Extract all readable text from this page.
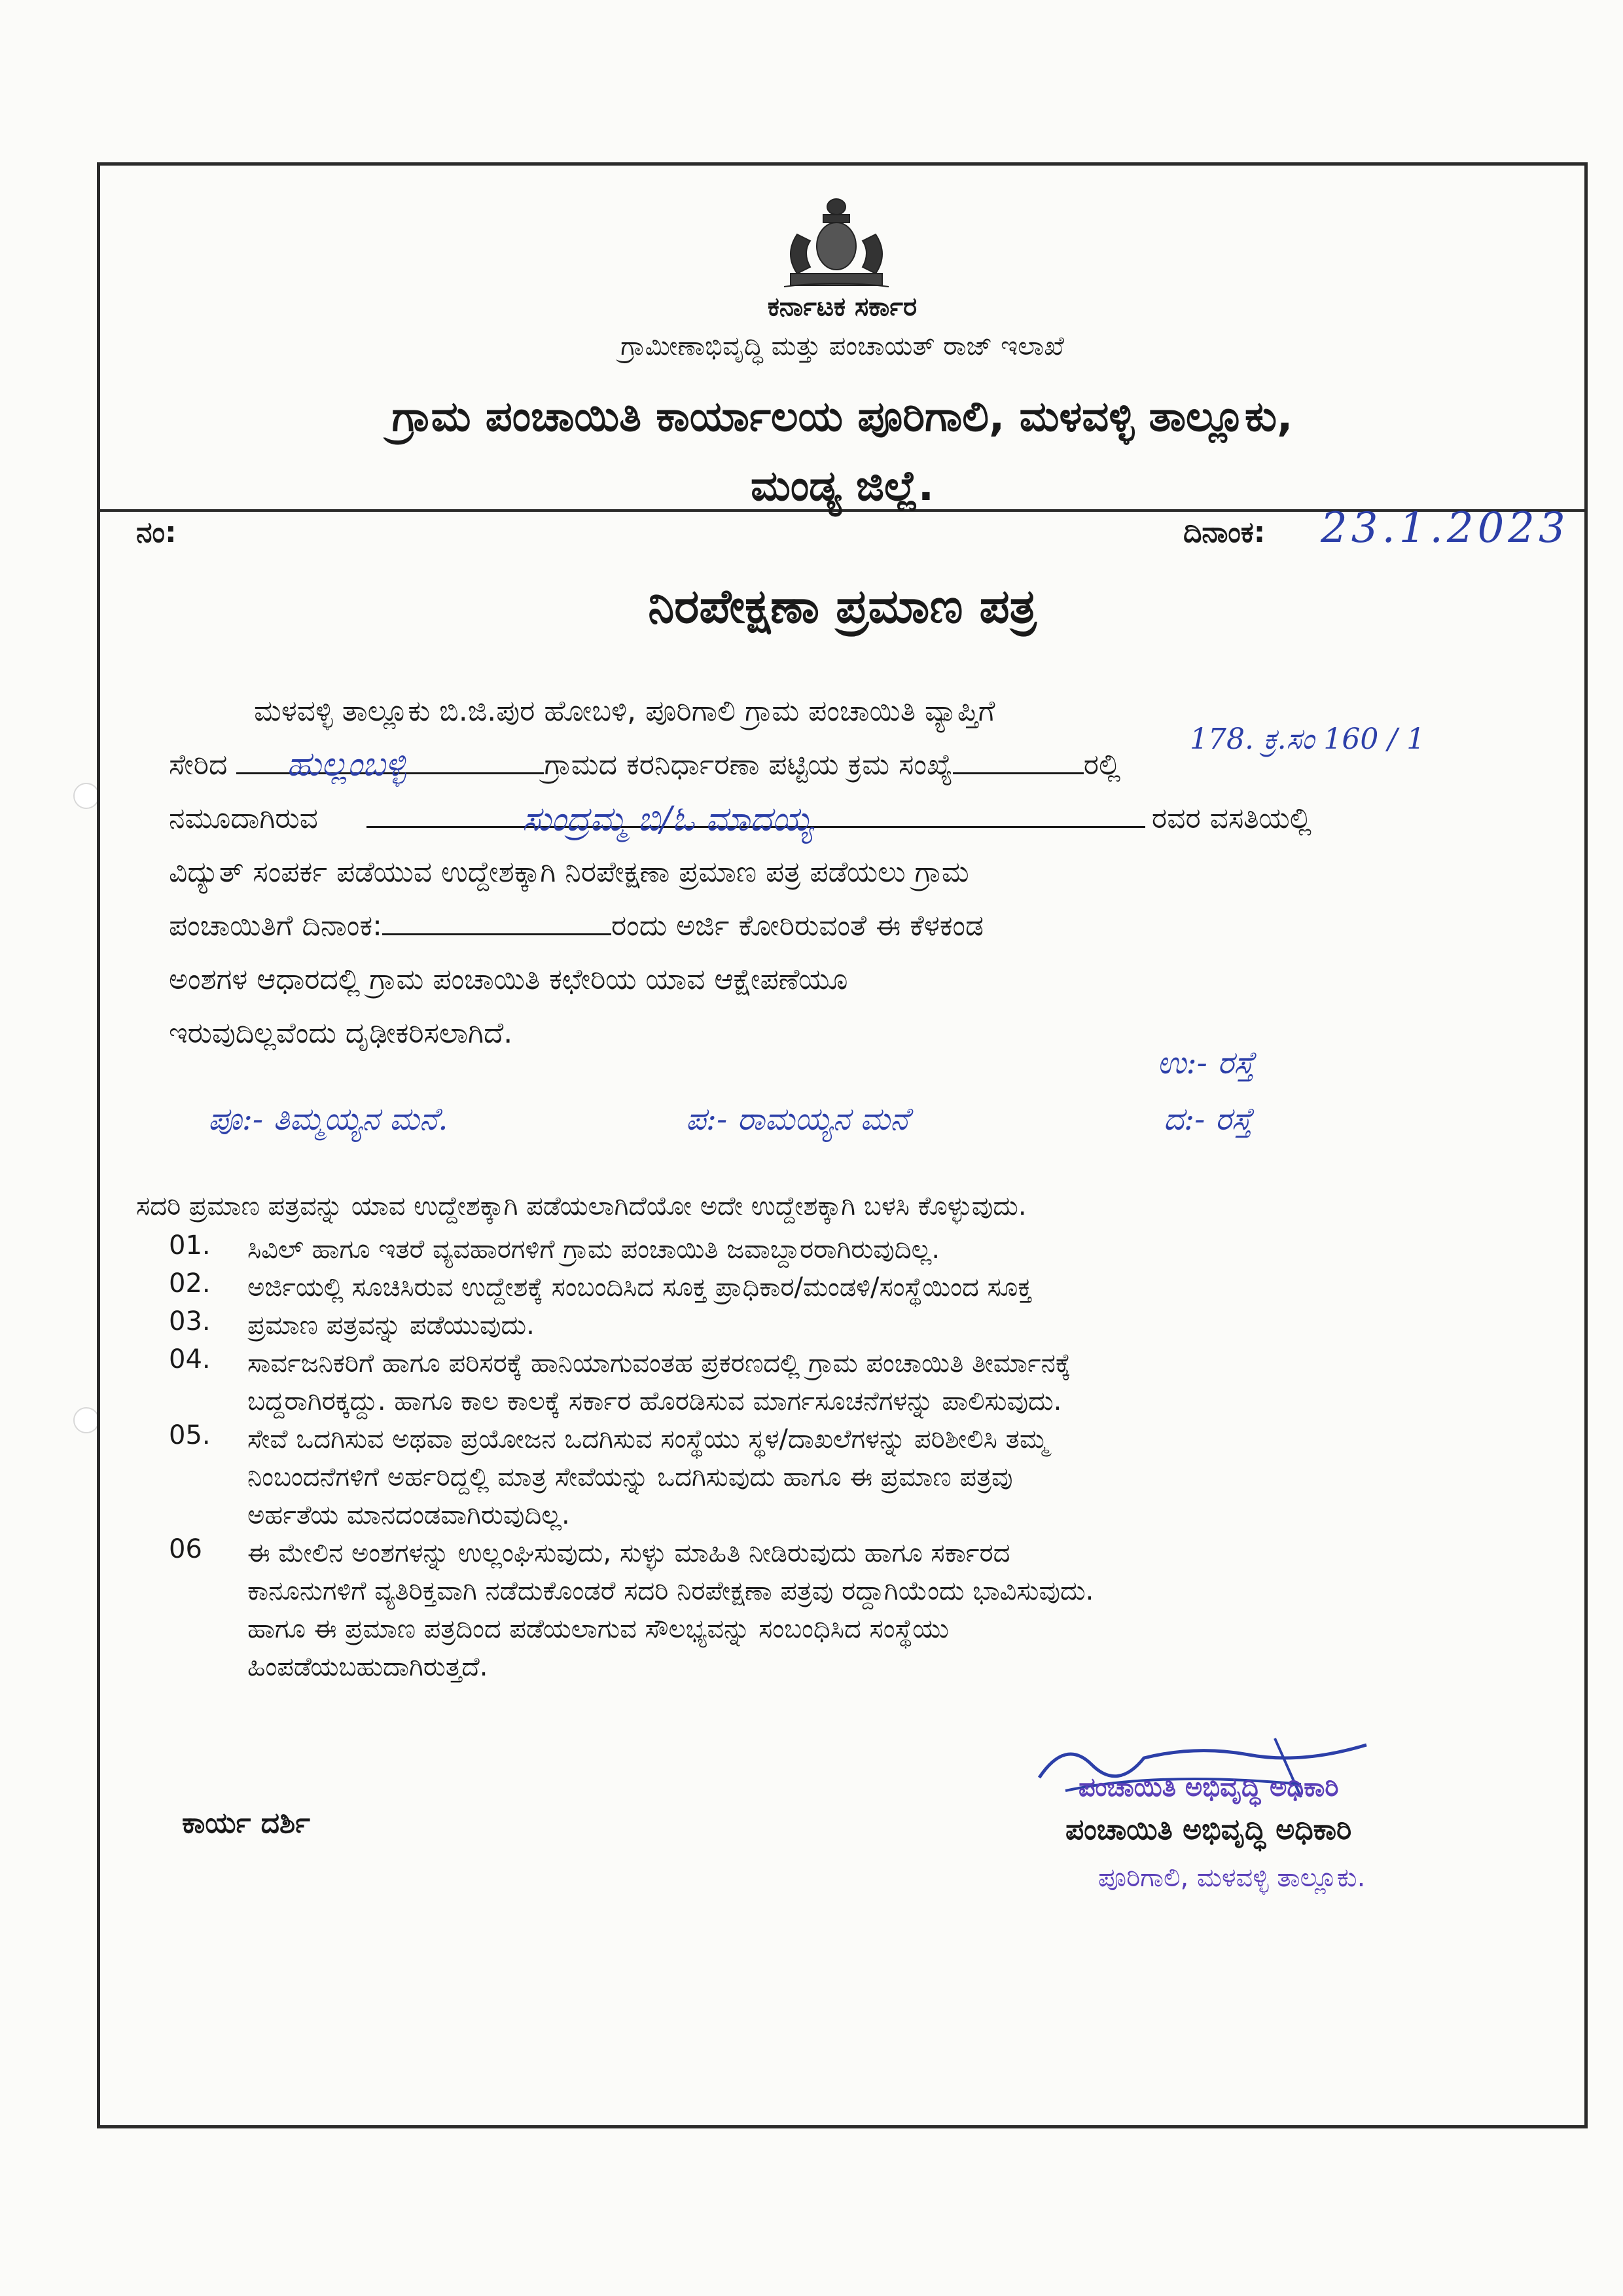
ಕರ್ನಾಟಕ ಸರ್ಕಾರ
ಗ್ರಾಮೀಣಾಭಿವೃದ್ಧಿ ಮತ್ತು ಪಂಚಾಯತ್ ರಾಜ್ ಇಲಾಖೆ
ಗ್ರಾಮ ಪಂಚಾಯಿತಿ ಕಾರ್ಯಾಲಯ ಪೂರಿಗಾಲಿ, ಮಳವಳ್ಳಿ ತಾಲ್ಲೂಕು,
ಮಂಡ್ಯ ಜಿಲ್ಲೆ.
ನಂ:	ದಿನಾಂಕ: 23.1.2023
ನಿರಪೇಕ್ಷಣಾ ಪ್ರಮಾಣ ಪತ್ರ
ಮಳವಳ್ಳಿ ತಾಲ್ಲೂಕು ಬಿ.ಜಿ.ಪುರ ಹೋಬಳಿ, ಪೂರಿಗಾಲಿ ಗ್ರಾಮ ಪಂಚಾಯಿತಿ ವ್ಯಾಪ್ತಿಗೆ
ಸೇರಿದ	ಗ್ರಾಮದ ಕರನಿರ್ಧಾರಣಾ ಪಟ್ಟಿಯ ಕ್ರಮ ಸಂಖ್ಯೆ	ರಲ್ಲಿ
ನಮೂದಾಗಿರುವ	ರವರ ವಸತಿಯಲ್ಲಿ
ವಿದ್ಯುತ್ ಸಂಪರ್ಕ ಪಡೆಯುವ ಉದ್ದೇಶಕ್ಕಾಗಿ ನಿರಪೇಕ್ಷಣಾ ಪ್ರಮಾಣ ಪತ್ರ ಪಡೆಯಲು ಗ್ರಾಮ
ಪಂಚಾಯಿತಿಗೆ ದಿನಾಂಕ:	ರಂದು ಅರ್ಜಿ ಕೋರಿರುವಂತೆ ಈ ಕೆಳಕಂಡ
ಅಂಶಗಳ ಆಧಾರದಲ್ಲಿ ಗ್ರಾಮ ಪಂಚಾಯಿತಿ ಕಛೇರಿಯ ಯಾವ ಆಕ್ಷೇಪಣೆಯೂ
ಇರುವುದಿಲ್ಲವೆಂದು ದೃಢೀಕರಿಸಲಾಗಿದೆ.
ಹುಲ್ಲಂಬಳ್ಳಿ
178. ಕ್ರ.ಸಂ 160 / 1
ಸುಂದ್ರಮ್ಮ ಬಿ/ಓ ಮಾದಯ್ಯ
ಉ:- ರಸ್ತೆ
ಪೂ:- ತಿಮ್ಮಯ್ಯನ ಮನೆ.	ಪ:- ರಾಮಯ್ಯನ ಮನೆ	ದ:- ರಸ್ತೆ
ಸದರಿ ಪ್ರಮಾಣ ಪತ್ರವನ್ನು ಯಾವ ಉದ್ದೇಶಕ್ಕಾಗಿ ಪಡೆಯಲಾಗಿದೆಯೋ ಅದೇ ಉದ್ದೇಶಕ್ಕಾಗಿ ಬಳಸಿ ಕೊಳ್ಳುವುದು.
01.	ಸಿವಿಲ್ ಹಾಗೂ ಇತರೆ ವ್ಯವಹಾರಗಳಿಗೆ ಗ್ರಾಮ ಪಂಚಾಯಿತಿ ಜವಾಬ್ದಾರರಾಗಿರುವುದಿಲ್ಲ.
02.	ಅರ್ಜಿಯಲ್ಲಿ ಸೂಚಿಸಿರುವ ಉದ್ದೇಶಕ್ಕೆ ಸಂಬಂದಿಸಿದ ಸೂಕ್ತ ಪ್ರಾಧಿಕಾರ/ಮಂಡಳಿ/ಸಂಸ್ಥೆಯಿಂದ ಸೂಕ್ತ
03.	ಪ್ರಮಾಣ ಪತ್ರವನ್ನು ಪಡೆಯುವುದು.
04.	ಸಾರ್ವಜನಿಕರಿಗೆ ಹಾಗೂ ಪರಿಸರಕ್ಕೆ ಹಾನಿಯಾಗುವಂತಹ ಪ್ರಕರಣದಲ್ಲಿ ಗ್ರಾಮ ಪಂಚಾಯಿತಿ ತೀರ್ಮಾನಕ್ಕೆ
ಬದ್ದರಾಗಿರಕ್ಕದ್ದು. ಹಾಗೂ ಕಾಲ ಕಾಲಕ್ಕೆ ಸರ್ಕಾರ ಹೊರಡಿಸುವ ಮಾರ್ಗಸೂಚನೆಗಳನ್ನು ಪಾಲಿಸುವುದು.
05.	ಸೇವೆ ಒದಗಿಸುವ ಅಥವಾ ಪ್ರಯೋಜನ ಒದಗಿಸುವ ಸಂಸ್ಥೆಯು ಸ್ಥಳ/ದಾಖಲೆಗಳನ್ನು ಪರಿಶೀಲಿಸಿ ತಮ್ಮ
ನಿಂಬಂದನೆಗಳಿಗೆ ಅರ್ಹರಿದ್ದಲ್ಲಿ ಮಾತ್ರ ಸೇವೆಯನ್ನು ಒದಗಿಸುವುದು ಹಾಗೂ ಈ ಪ್ರಮಾಣ ಪತ್ರವು
ಅರ್ಹತೆಯ ಮಾನದಂಡವಾಗಿರುವುದಿಲ್ಲ.
06	ಈ ಮೇಲಿನ ಅಂಶಗಳನ್ನು ಉಲ್ಲಂಘಿಸುವುದು, ಸುಳ್ಳು ಮಾಹಿತಿ ನೀಡಿರುವುದು ಹಾಗೂ ಸರ್ಕಾರದ
ಕಾನೂನುಗಳಿಗೆ ವ್ಯತಿರಿಕ್ತವಾಗಿ ನಡೆದುಕೊಂಡರೆ ಸದರಿ ನಿರಪೇಕ್ಷಣಾ ಪತ್ರವು ರದ್ದಾಗಿಯೆಂದು ಭಾವಿಸುವುದು.
ಹಾಗೂ ಈ ಪ್ರಮಾಣ ಪತ್ರದಿಂದ ಪಡೆಯಲಾಗುವ ಸೌಲಭ್ಯವನ್ನು ಸಂಬಂಧಿಸಿದ ಸಂಸ್ಥೆಯು
ಹಿಂಪಡೆಯಬಹುದಾಗಿರುತ್ತದೆ.
ಕಾರ್ಯ ದರ್ಶಿ
ಪಂಚಾಯಿತಿ ಅಭಿವೃದ್ಧಿ ಅಧಿಕಾರಿ
ಪಂಚಾಯಿತಿ ಅಭಿವೃದ್ಧಿ ಅಧಿಕಾರಿ
ಪೂರಿಗಾಲಿ, ಮಳವಳ್ಳಿ ತಾಲ್ಲೂಕು.
